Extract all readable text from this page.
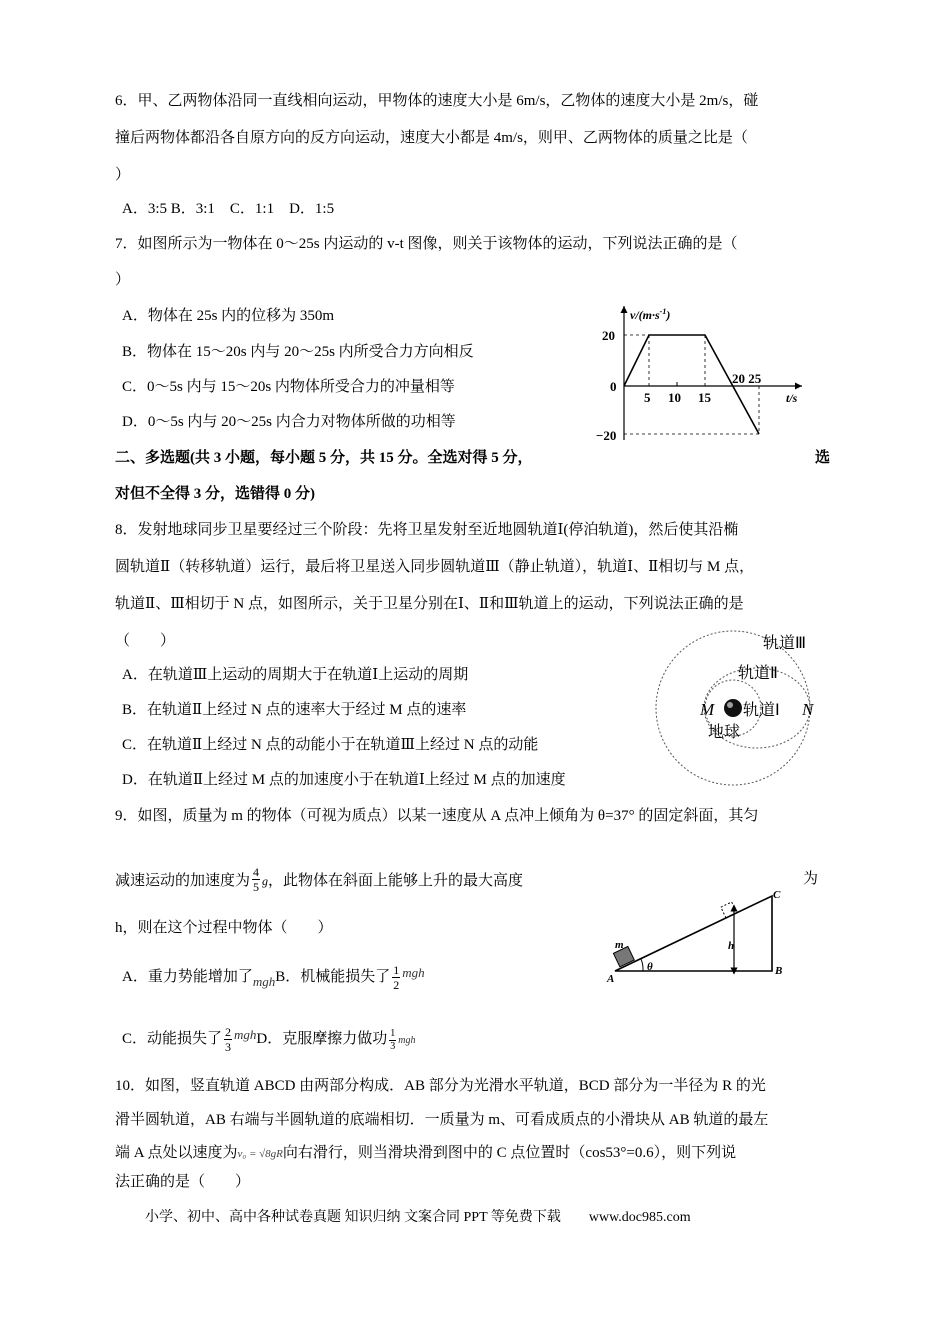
6．甲、乙两物体沿同一直线相向运动，甲物体的速度大小是 6m/s，乙物体的速度大小是 2m/s，碰
撞后两物体都沿各自原方向的反方向运动，速度大小都是 4m/s，则甲、乙两物体的质量之比是（
）
A．3:5 B．3:1　C．1:1　D．1:5
7．如图所示为一物体在 0～25s 内运动的 v-t 图像，则关于该物体的运动，下列说法正确的是（
）
A．物体在 25s 内的位移为 350m
B．物体在 15～20s 内与 20～25s 内所受合力方向相反
C．0～5s 内与 15～20s 内物体所受合力的冲量相等
D．0～5s 内与 20～25s 内合力对物体所做的功相等
$v/(m\cdot s^{-1})$
20
0
−20
5 10 15
20 25
t/s
二、多选题(共 3 小题，每小题 5 分，共 15 分。全选对得 5 分，	选
对但不全得 3 分，选错得 0 分)
8．发射地球同步卫星要经过三个阶段：先将卫星发射至近地圆轨道Ⅰ(停泊轨道)，然后使其沿椭
圆轨道Ⅱ（转移轨道）运行，最后将卫星送入同步圆轨道Ⅲ（静止轨道），轨道Ⅰ、Ⅱ相切与 M 点，
轨道Ⅱ、Ⅲ相切于 N 点，如图所示，关于卫星分别在Ⅰ、Ⅱ和Ⅲ轨道上的运动，下列说法正确的是
（　　）
A．在轨道Ⅲ上运动的周期大于在轨道Ⅰ上运动的周期
B．在轨道Ⅱ上经过 N 点的速率大于经过 M 点的速率
C．在轨道Ⅱ上经过 N 点的动能小于在轨道Ⅲ上经过 N 点的动能
D．在轨道Ⅱ上经过 M 点的加速度小于在轨道Ⅰ上经过 M 点的加速度
轨道Ⅲ
轨道Ⅱ
轨道Ⅰ
M	N
地球
9．如图，质量为 m 的物体（可视为质点）以某一速度从 A 点冲上倾角为 θ=37° 的固定斜面，其匀
减速运动的加速度为 $\frac{4}{5}$ g，此物体在斜面上能够上升的最大高度	为
h，则在这个过程中物体（　　）
A．重力势能增加了mghB．机械能损失了 $\frac{1}{2}$ mgh
C．动能损失了 $\frac{2}{3}$ mghD．克服摩擦力做功 $\frac{1}{3}$ mgh
m
A
B
C
h
θ
10．如图，竖直轨道 ABCD 由两部分构成．AB 部分为光滑水平轨道，BCD 部分为一半径为 R 的光
滑半圆轨道，AB 右端与半圆轨道的底端相切．一质量为 m、可看成质点的小滑块从 AB 轨道的最左
端 A 点处以速度为v₀ = √8gR向右滑行，则当滑块滑到图中的 C 点位置时（cos53°=0.6），则下列说
法正确的是（　　）
小学、初中、高中各种试卷真题 知识归纳 文案合同 PPT 等免费下载　　www.doc985.com
